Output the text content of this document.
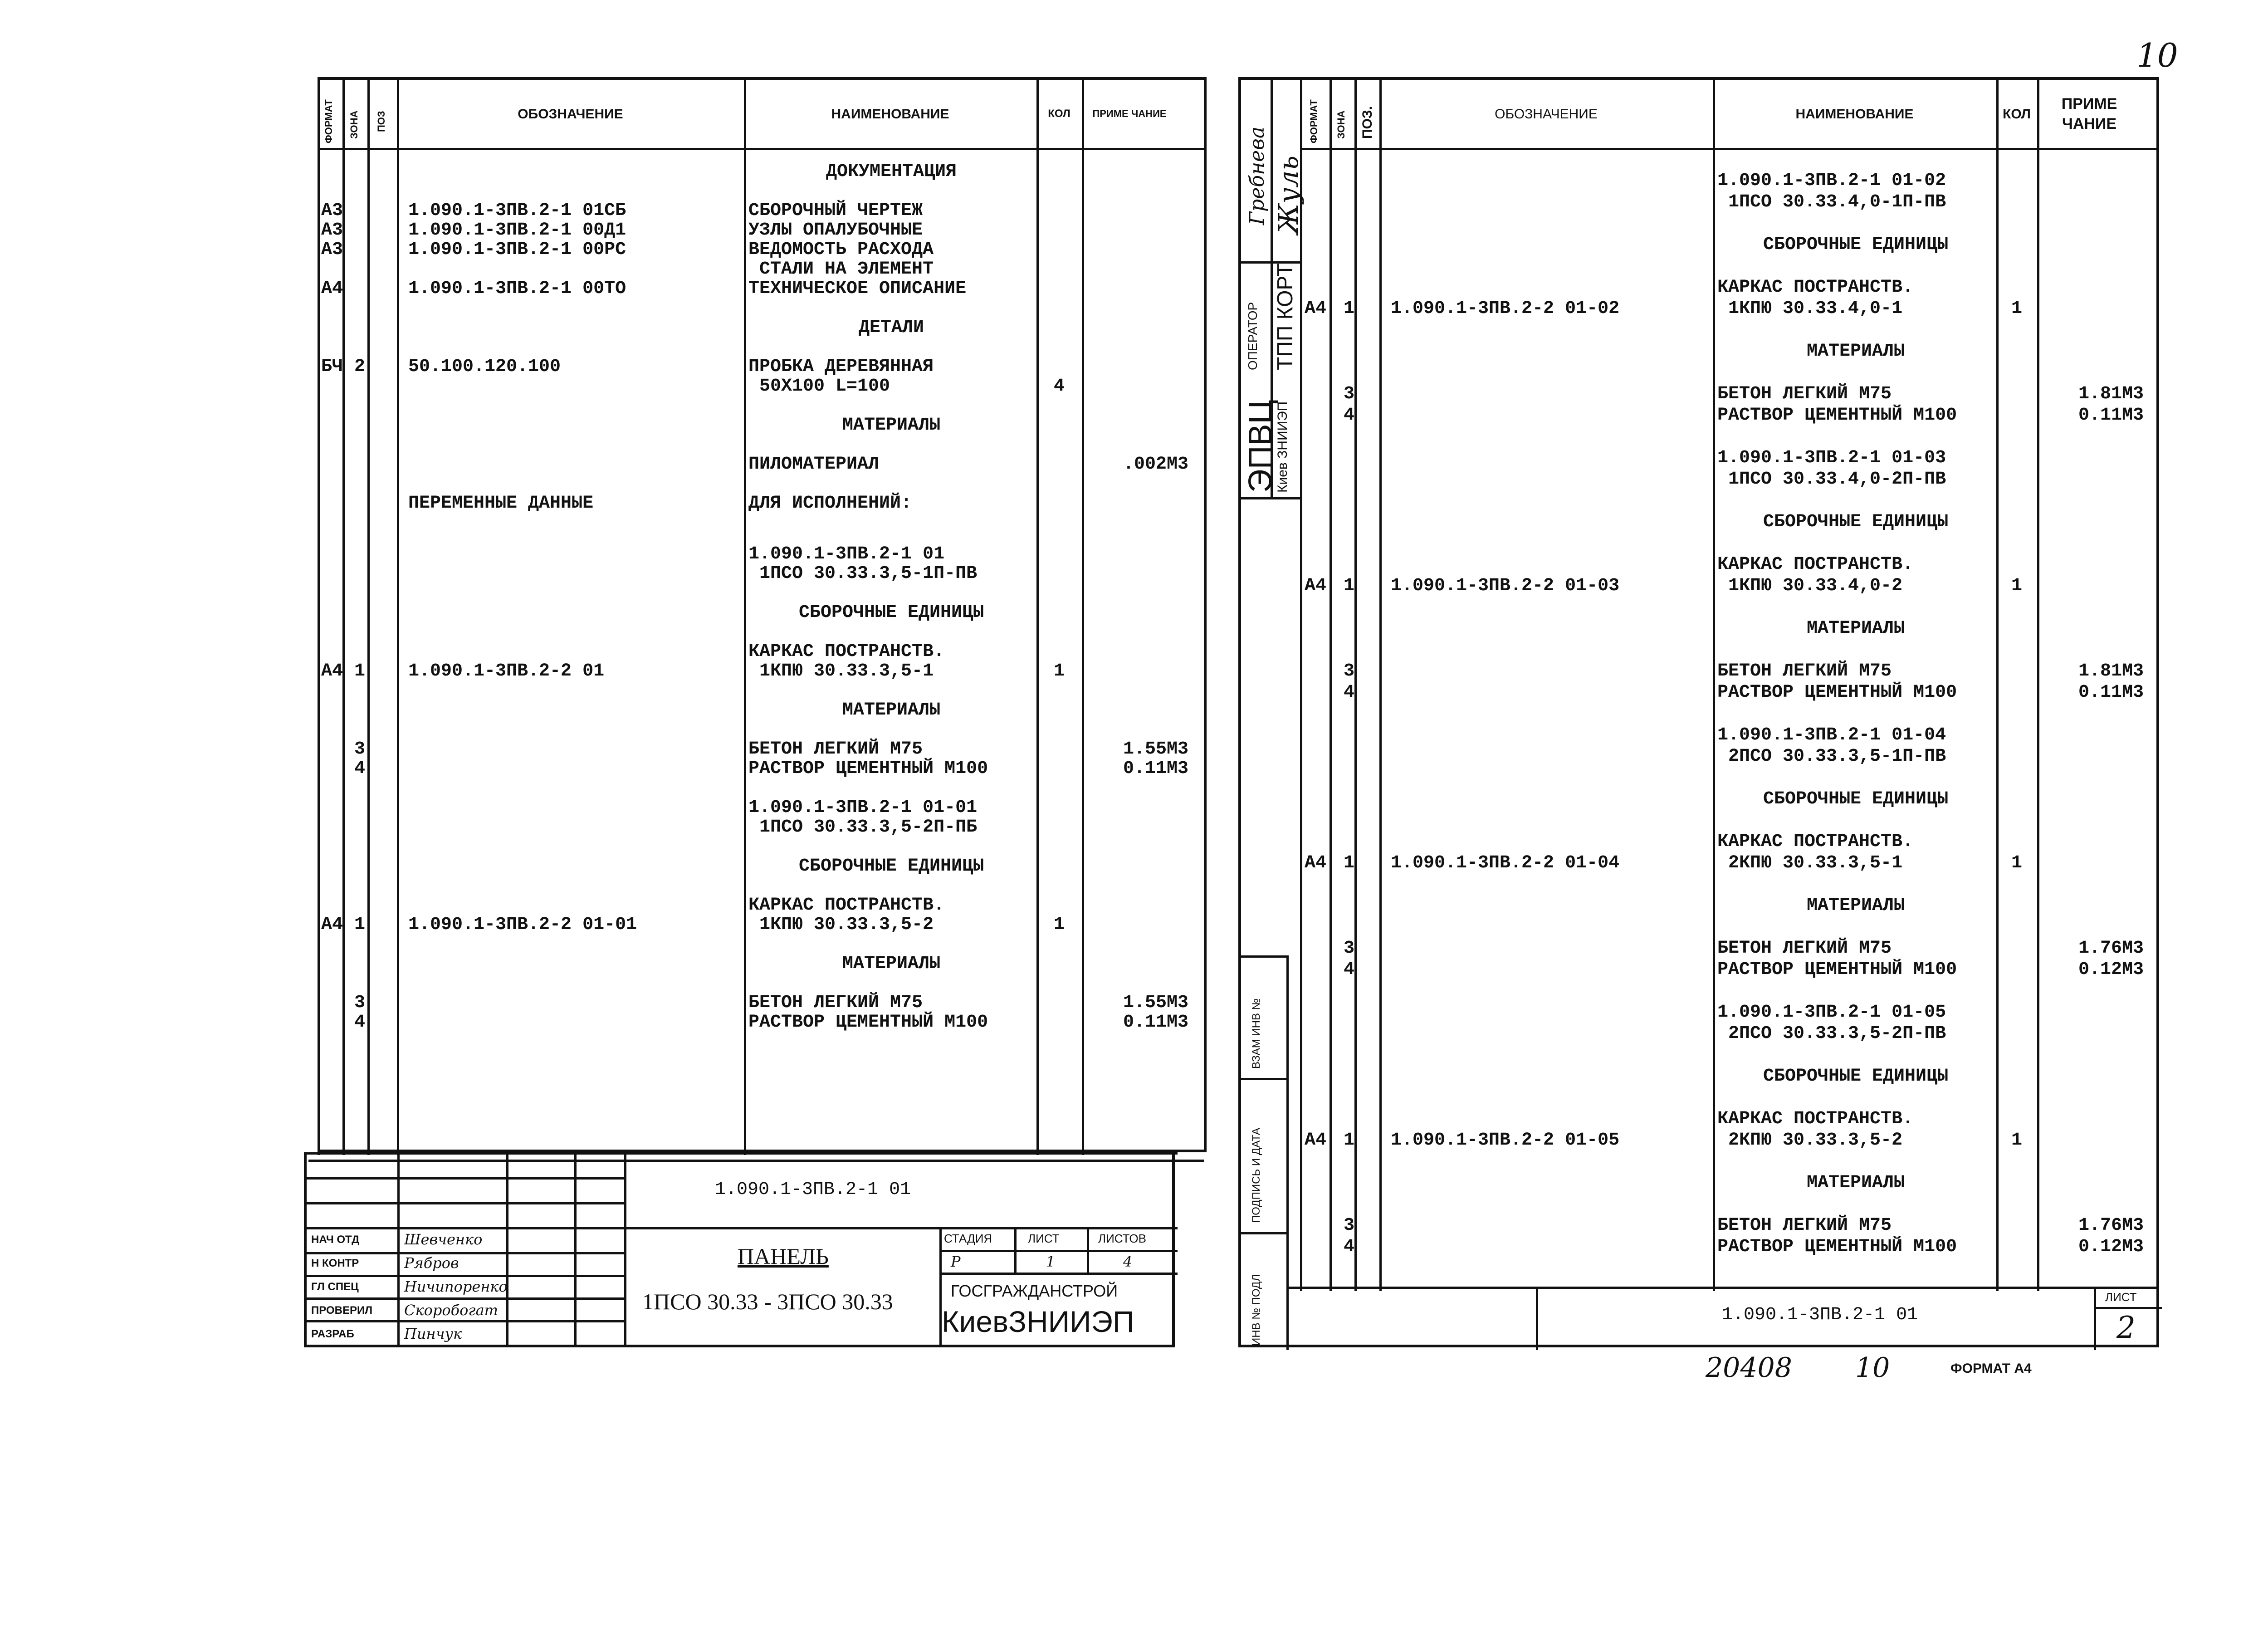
ФОРМАТ ЗОНА ПОЗ	ОБОЗНАЧЕНИЕ	НАИМЕНОВАНИЕ	КОЛ	ПРИМЕ ЧАНИЕ
ДОКУМЕНТАЦИЯ
А3	1.090.1-3ПВ.2-1 01СБ	СБОРОЧНЫЙ ЧЕРТЕЖ
А3	1.090.1-3ПВ.2-1 00Д1	УЗЛЫ ОПАЛУБОЧНЫЕ
А3	1.090.1-3ПВ.2-1 00РС	ВЕДОМОСТЬ РАСХОДА
СТАЛИ НА ЭЛЕМЕНТ
А4	1.090.1-3ПВ.2-1 00ТО	ТЕХНИЧЕСКОЕ ОПИСАНИЕ
ДЕТАЛИ
БЧ 2 50.100.120.100	ПРОБКА ДЕРЕВЯННАЯ
50Х100 L=100	4
МАТЕРИАЛЫ
ПИЛОМАТЕРИАЛ	.002М3
ПЕРЕМЕННЫЕ ДАННЫЕ	ДЛЯ ИСПОЛНЕНИЙ:
1.090.1-3ПВ.2-1 01
1ПСО 30.33.3,5-1П-ПВ
СБОРОЧНЫЕ ЕДИНИЦЫ
КАРКАС ПОСТРАНСТВ.
А4 1 1.090.1-3ПВ.2-2 01	1КПЮ 30.33.3,5-1	1
МАТЕРИАЛЫ
3	БЕТОН ЛЕГКИЙ М75	1.55М3
4	РАСТВОР ЦЕМЕНТНЫЙ М100	0.11М3
1.090.1-3ПВ.2-1 01-01
1ПСО 30.33.3,5-2П-ПБ
СБОРОЧНЫЕ ЕДИНИЦЫ
КАРКАС ПОСТРАНСТВ.
А4 1 1.090.1-3ПВ.2-2 01-01	1КПЮ 30.33.3,5-2	1
МАТЕРИАЛЫ
3	БЕТОН ЛЕГКИЙ М75	1.55М3
4	РАСТВОР ЦЕМЕНТНЫЙ М100	0.11М3
1.090.1-3ПВ.2-1 01
ПАНЕЛЬ
1ПСО 30.33 - 3ПСО 30.33
СТАДИЯ	ЛИСТ	ЛИСТОВ
Р	1	4
ГОСГРАЖДАНСТРОЙ
КиевЗНИИЭП
НАЧ ОТД	Шевченко
Н КОНТР	Рябров
ГЛ СПЕЦ	Ничипоренко
ПРОВЕРИЛ Скоробогат
РАЗРАБ	Пинчук
ФОРМАТ ЗОНА ПОЗ.	ОБОЗНАЧЕНИЕ	НАИМЕНОВАНИЕ	КОЛ
ПРИМЕ ЧАНИЕ
1.090.1-3ПВ.2-1 01-02
1ПСО 30.33.4,0-1П-ПВ
СБОРОЧНЫЕ ЕДИНИЦЫ
КАРКАС ПОСТРАНСТВ.
А4 1 1.090.1-3ПВ.2-2 01-02	1КПЮ 30.33.4,0-1	1
МАТЕРИАЛЫ
3	БЕТОН ЛЕГКИЙ М75	1.81М3
4	РАСТВОР ЦЕМЕНТНЫЙ М100	0.11М3
1.090.1-3ПВ.2-1 01-03
1ПСО 30.33.4,0-2П-ПВ
СБОРОЧНЫЕ ЕДИНИЦЫ
КАРКАС ПОСТРАНСТВ.
А4 1 1.090.1-3ПВ.2-2 01-03	1КПЮ 30.33.4,0-2	1
МАТЕРИАЛЫ
3	БЕТОН ЛЕГКИЙ М75	1.81М3
4	РАСТВОР ЦЕМЕНТНЫЙ М100	0.11М3
1.090.1-3ПВ.2-1 01-04
2ПСО 30.33.3,5-1П-ПВ
СБОРОЧНЫЕ ЕДИНИЦЫ
КАРКАС ПОСТРАНСТВ.
А4 1 1.090.1-3ПВ.2-2 01-04	2КПЮ 30.33.3,5-1	1
МАТЕРИАЛЫ
3	БЕТОН ЛЕГКИЙ М75	1.76М3
4	РАСТВОР ЦЕМЕНТНЫЙ М100	0.12М3
1.090.1-3ПВ.2-1 01-05
2ПСО 30.33.3,5-2П-ПВ
СБОРОЧНЫЕ ЕДИНИЦЫ
КАРКАС ПОСТРАНСТВ.
А4 1 1.090.1-3ПВ.2-2 01-05	2КПЮ 30.33.3,5-2	1
МАТЕРИАЛЫ
3	БЕТОН ЛЕГКИЙ М75	1.76М3
4	РАСТВОР ЦЕМЕНТНЫЙ М100	0.12М3
1.090.1-3ПВ.2-1 01
ЛИСТ
2
Гребнева Жуль
ОПЕРАТОР ТПП КОРТ
ЭПВЦ
Киев ЗНИИЭП
ВЗАМ ИНВ №
ПОДПИСЬ И ДАТА
ИНВ № ПОДЛ
10
20408 10	ФОРМАТ А4
